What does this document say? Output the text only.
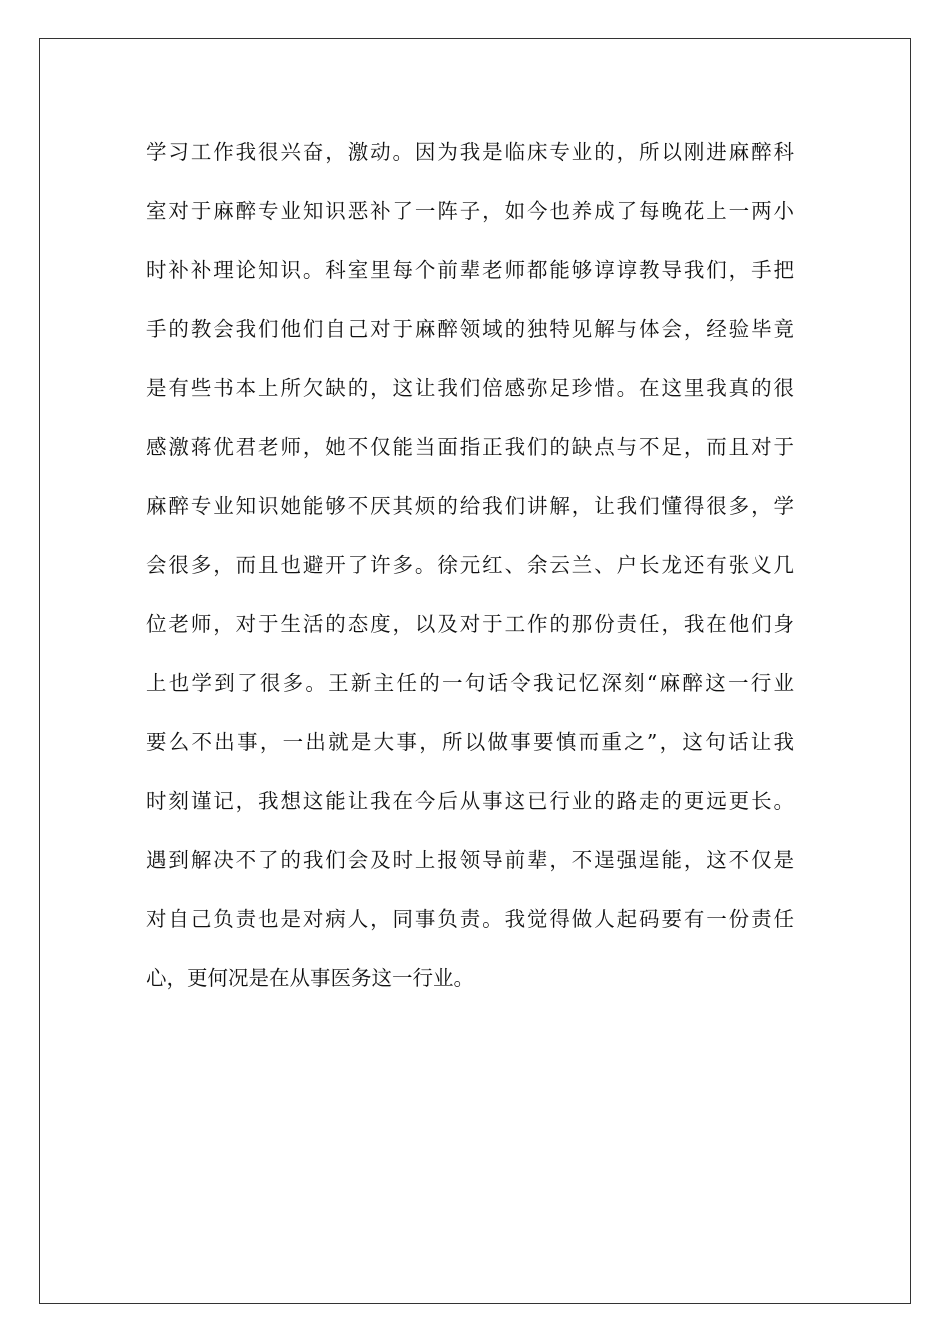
学习工作我很兴奋，激动。因为我是临床专业的，所以刚进麻醉科
室对于麻醉专业知识恶补了一阵子，如今也养成了每晚花上一两小
时补补理论知识。科室里每个前辈老师都能够谆谆教导我们，手把
手的教会我们他们自己对于麻醉领域的独特见解与体会，经验毕竟
是有些书本上所欠缺的，这让我们倍感弥足珍惜。在这里我真的很
感激蒋优君老师，她不仅能当面指正我们的缺点与不足，而且对于
麻醉专业知识她能够不厌其烦的给我们讲解，让我们懂得很多，学
会很多，而且也避开了许多。徐元红、余云兰、户长龙还有张义几
位老师，对于生活的态度，以及对于工作的那份责任，我在他们身
上也学到了很多。王新主任的一句话令我记忆深刻“麻醉这一行业
要么不出事，一出就是大事，所以做事要慎而重之”，这句话让我
时刻谨记，我想这能让我在今后从事这已行业的路走的更远更长。
遇到解决不了的我们会及时上报领导前辈，不逞强逞能，这不仅是
对自己负责也是对病人，同事负责。我觉得做人起码要有一份责任
心，更何况是在从事医务这一行业。
